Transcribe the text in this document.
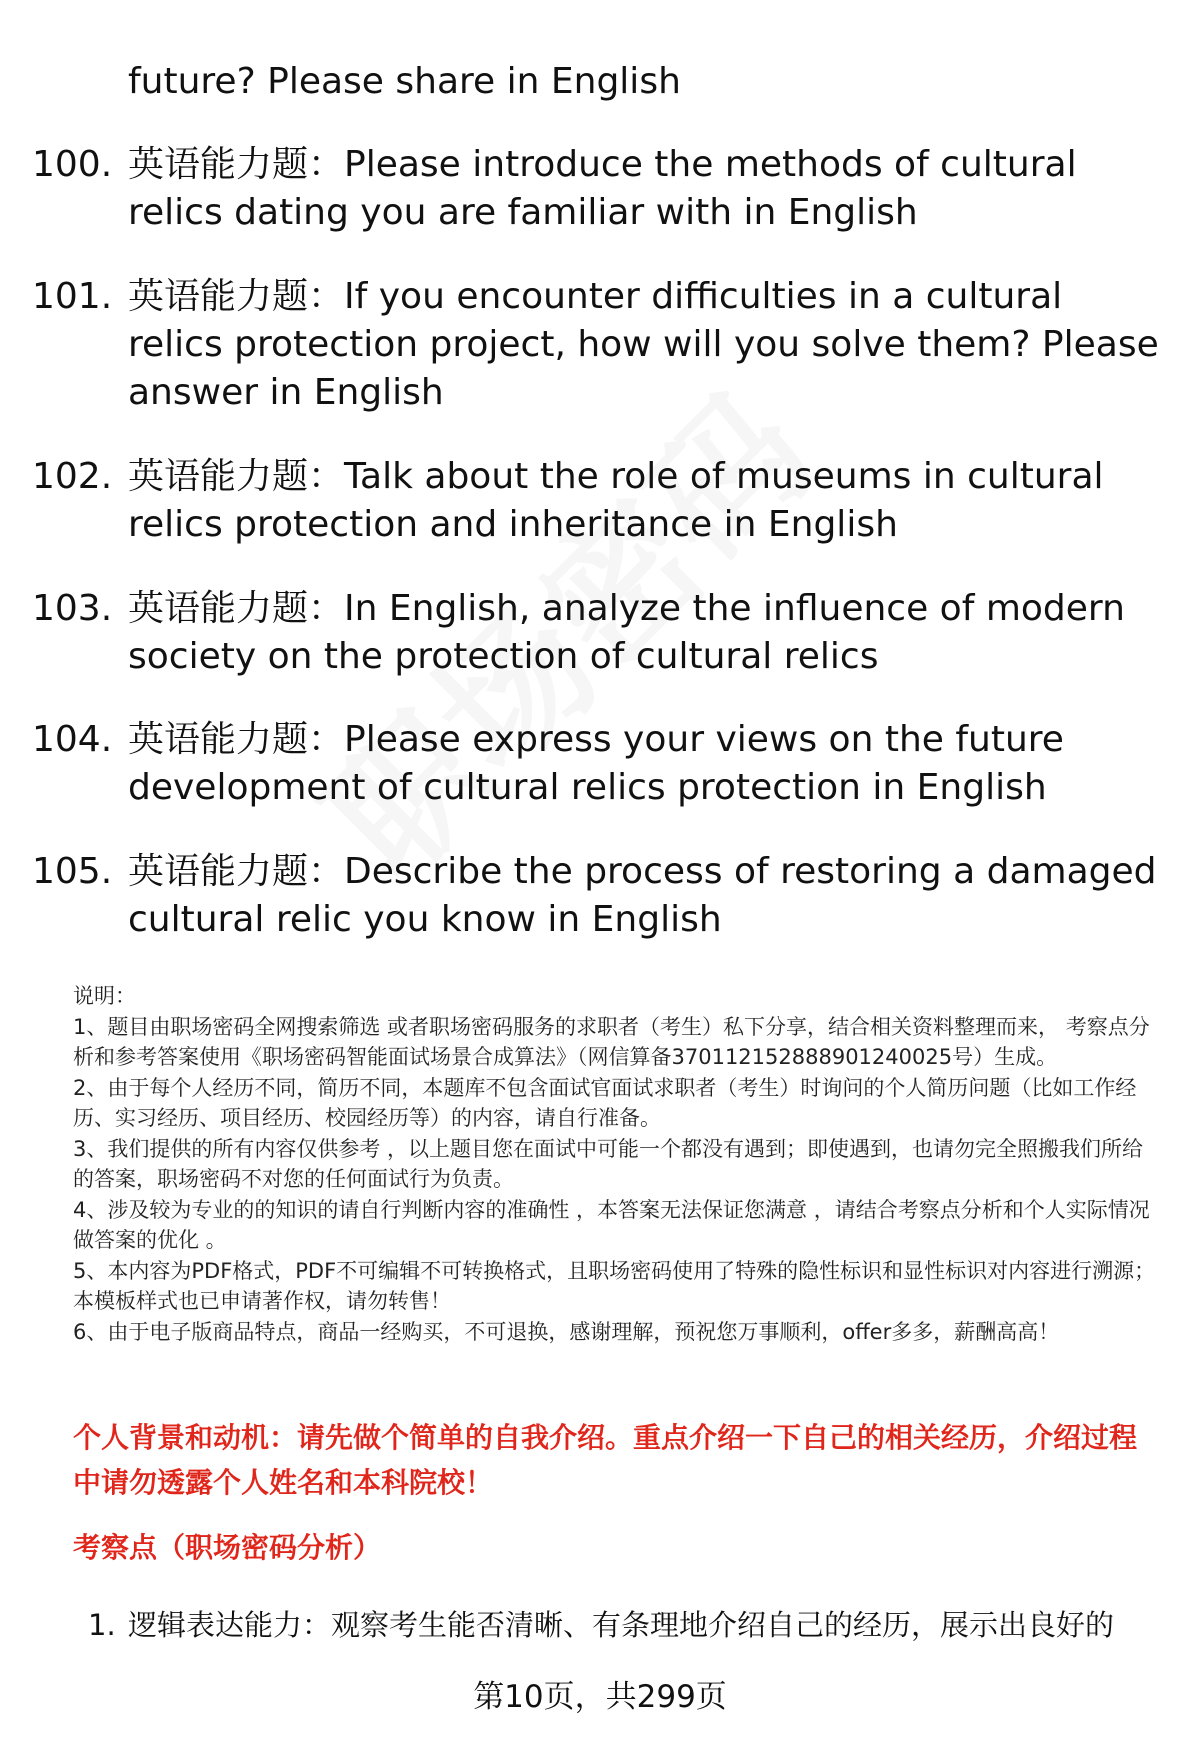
future? Please share in English
100. 英语能力题：Please introduce the methods of cultural relics dating you are familiar with in English
101. 英语能力题：If you encounter difficulties in a cultural relics protection project, how will you solve them? Please answer in English
102. 英语能力题：Talk about the role of museums in cultural relics protection and inheritance in English
103. 英语能力题：In English, analyze the influence of modern society on the protection of cultural relics
104. 英语能力题：Please express your views on the future development of cultural relics protection in English
105. 英语能力题：Describe the process of restoring a damaged cultural relic you know in English

说明：

1、题目由职场密码全网搜索筛选 或者职场密码服务的求职者（考生）私下分享，结合相关资料整理而来， 考察点分析和参考答案使用《职场密码智能面试场景合成算法》（网信算备370112152888901240025号）生成。

2、由于每个人经历不同，简历不同，本题库不包含面试官面试求职者（考生）时询问的个人简历问题（比如工作经历、实习经历、项目经历、校园经历等）的内容，请自行准备。

3、我们提供的所有内容仅供参考 ，以上题目您在面试中可能一个都没有遇到；即使遇到，也请勿完全照搬我们所给的答案，职场密码不对您的任何面试行为负责。

4、涉及较为专业的的知识的请自行判断内容的准确性 ，本答案无法保证您满意 ，请结合考察点分析和个人实际情况做答案的优化 。

5、本内容为PDF格式，PDF不可编辑不可转换格式，且职场密码使用了特殊的隐性标识和显性标识对内容进行溯源；本模板样式也已申请著作权，请勿转售！

6、由于电子版商品特点，商品一经购买，不可退换，感谢理解，预祝您万事顺利，offer多多，薪酬高高！

个人背景和动机：请先做个简单的自我介绍。重点介绍一下自己的相关经历，介绍过程中请勿透露个人姓名和本科院校！
考察点（职场密码分析）
1. 逻辑表达能力：观察考生能否清晰、有条理地介绍自己的经历，展示出良好的
第10页，共299页
